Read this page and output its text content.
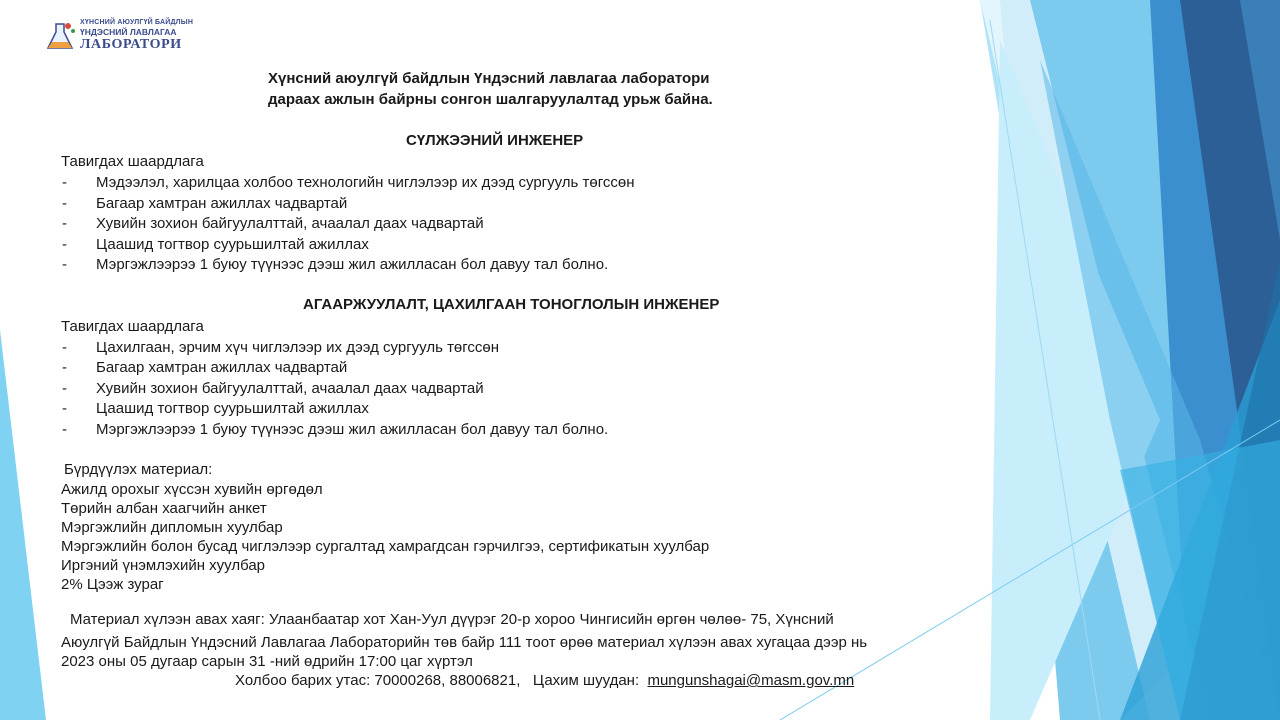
ХҮНСНИЙ АЮУЛГҮЙ БАЙДЛЫН
ҮНДЭСНИЙ ЛАВЛАГАА
ЛАБОРАТОРИ
Хүнсний аюулгүй байдлын Үндэсний лавлагаа лаборатори
дараах ажлын байрны сонгон шалгаруулалтад урьж байна.
СҮЛЖЭЭНИЙ ИНЖЕНЕР
Тавигдах шаардлага
- Мэдээлэл, харилцаа холбоо технологийн чиглэлээр их дээд сургууль төгссөн
- Багаар хамтран ажиллах чадвартай
- Хувийн зохион байгуулалттай, ачаалал даах чадвартай
- Цаашид тогтвор суурьшилтай ажиллах
- Мэргэжлээрээ 1 буюу түүнээс дээш жил ажилласан бол давуу тал болно.
АГААРЖУУЛАЛТ, ЦАХИЛГААН ТОНОГЛОЛЫН ИНЖЕНЕР
Тавигдах шаардлага
- Цахилгаан, эрчим хүч чиглэлээр их дээд сургууль төгссөн
- Багаар хамтран ажиллах чадвартай
- Хувийн зохион байгуулалттай, ачаалал даах чадвартай
- Цаашид тогтвор суурьшилтай ажиллах
- Мэргэжлээрээ 1 буюу түүнээс дээш жил ажилласан бол давуу тал болно.
Бүрдүүлэх материал:
Ажилд орохыг хүссэн хувийн өргөдөл
Төрийн албан хаагчийн анкет
Мэргэжлийн дипломын хуулбар
Мэргэжлийн болон бусад чиглэлээр сургалтад хамрагдсан гэрчилгээ, сертификатын хуулбар
Иргэний үнэмлэхийн хуулбар
2% Цээж зураг
Материал хүлээн авах хаяг: Улаанбаатар хот Хан-Уул дүүрэг 20-р хороо Чингисийн өргөн чөлөө- 75, Хүнсний
Аюулгүй Байдлын Үндэсний Лавлагаа Лабораторийн төв байр 111 тоот өрөө материал хүлээн авах хугацаа дээр нь
2023 оны 05 дугаар сарын 31 -ний өдрийн 17:00 цаг хүртэл
Холбоо барих утас: 70000268, 88006821, Цахим шуудан: mungunshagai@masm.gov.mn
